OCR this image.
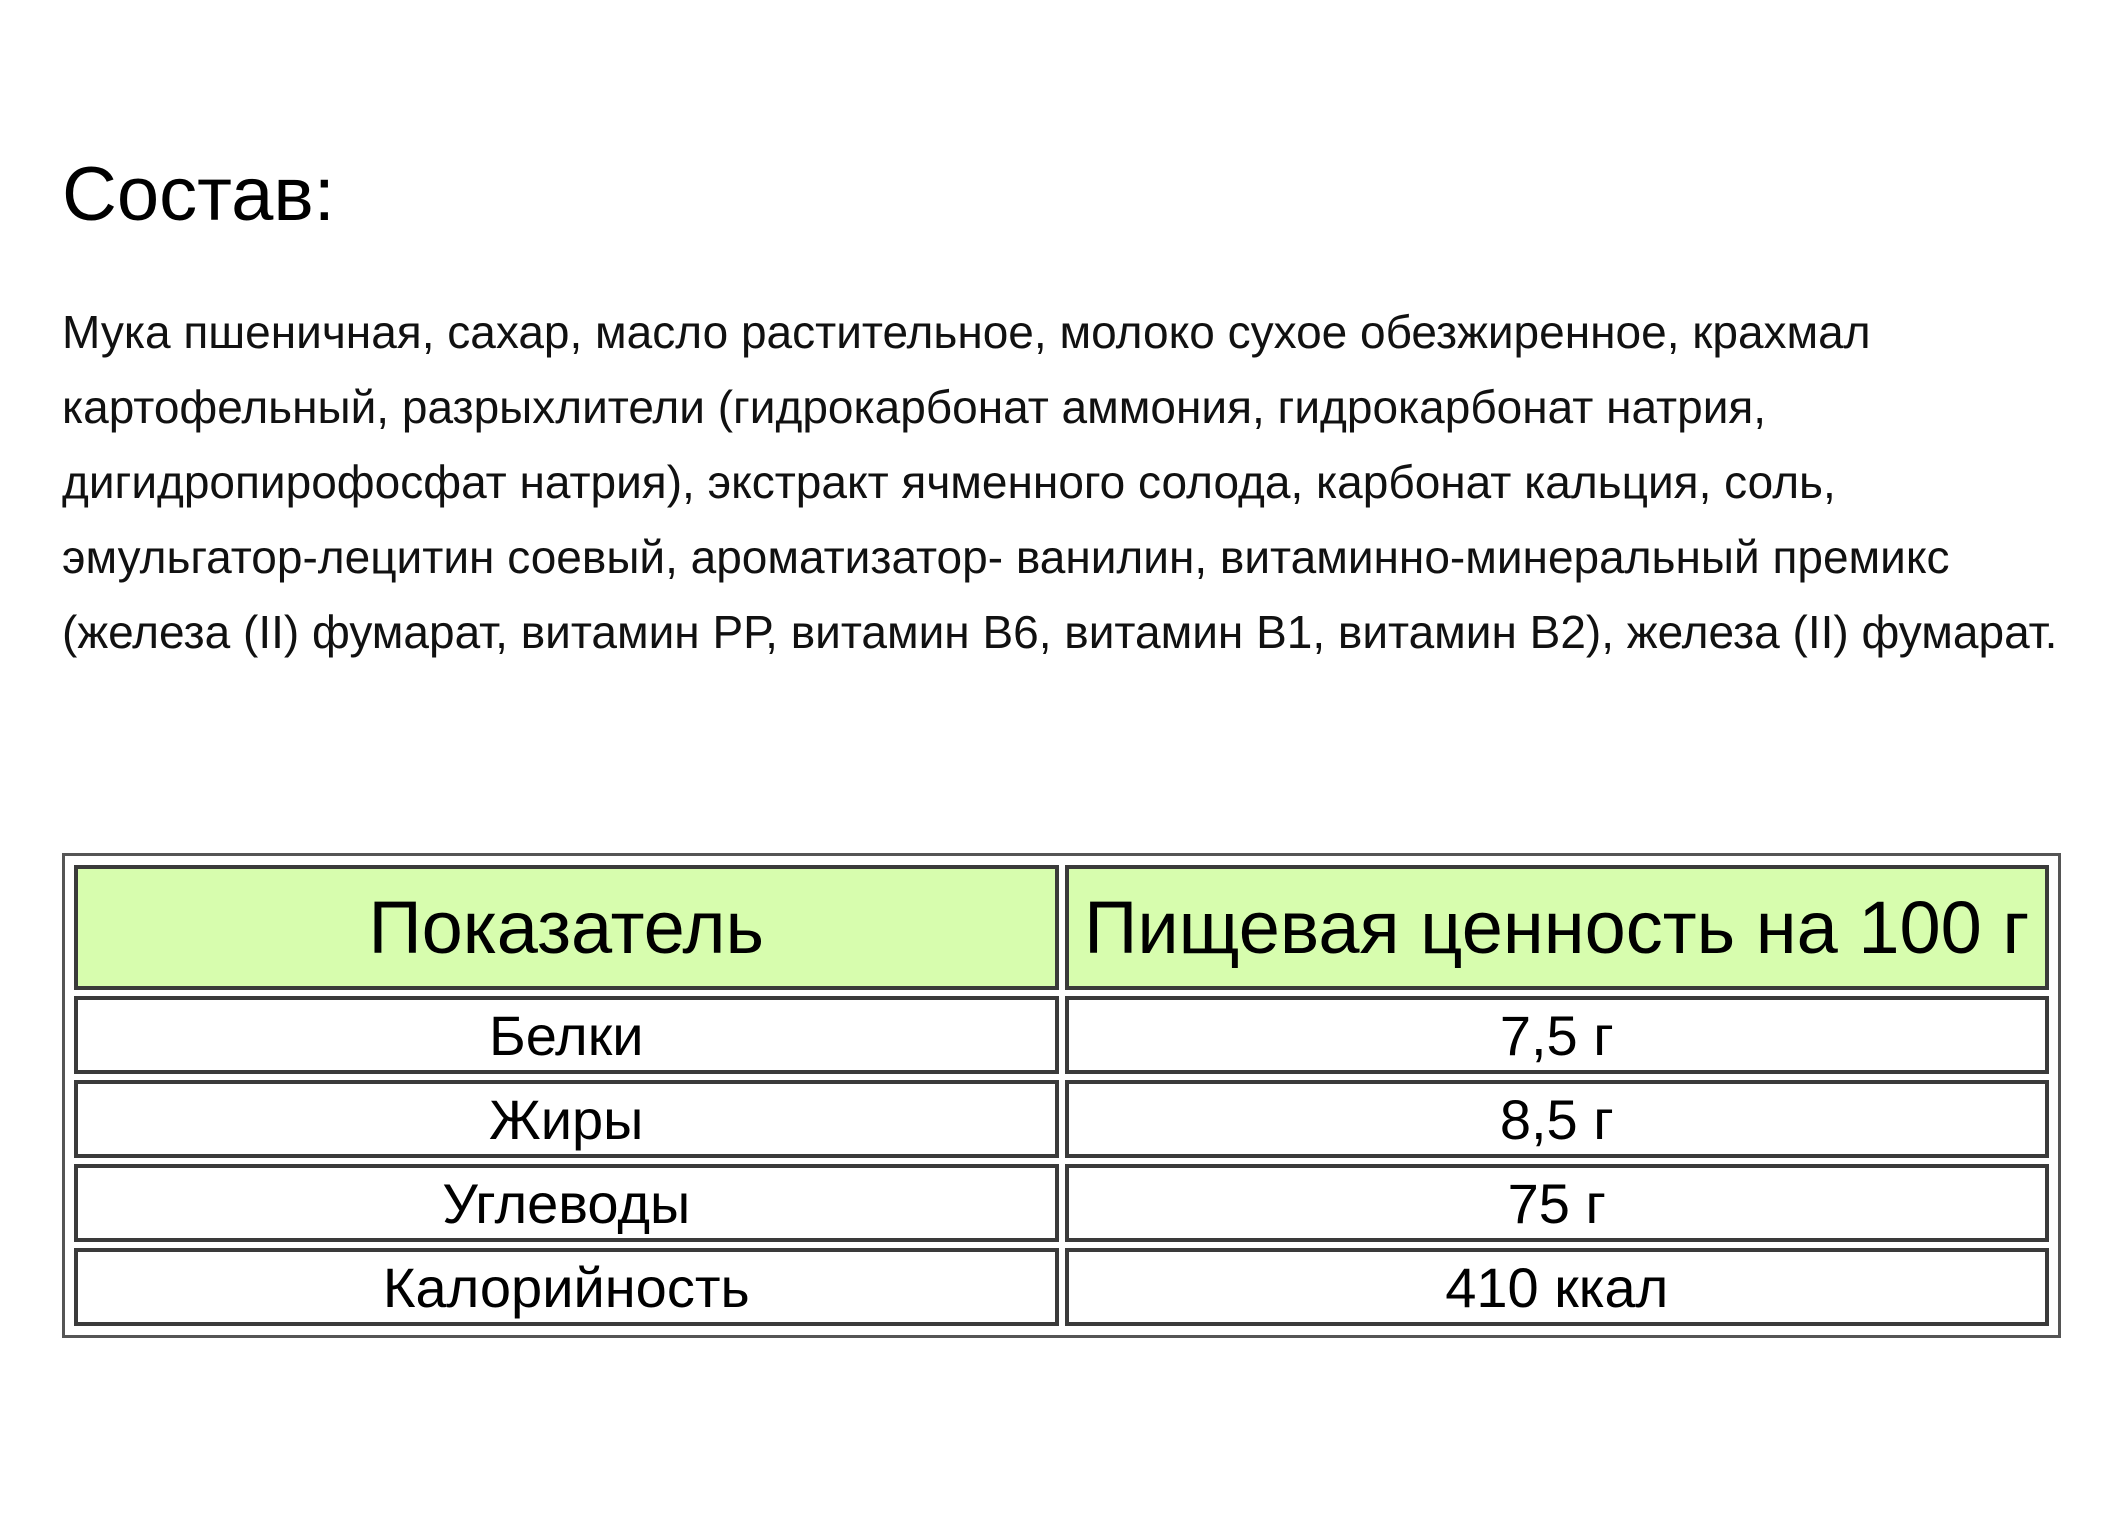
Состав:

Мука пшеничная, сахар, масло растительное, молоко сухое обезжиренное, крахмал картофельный, разрыхлители (гидрокарбонат аммония, гидрокарбонат натрия, дигидропирофосфат натрия), экстракт ячменного солода, карбонат кальция, соль, эмульгатор-лецитин соевый, ароматизатор- ванилин, витаминно-минеральный премикс (железа (II) фумарат, витамин РР, витамин В6, витамин В1, витамин В2), железа (II) фумарат.

Показатель	Пищевая ценность на 100 г
Белки	7,5 г
Жиры	8,5 г
Углеводы	75 г
Калорийность	410 ккал
